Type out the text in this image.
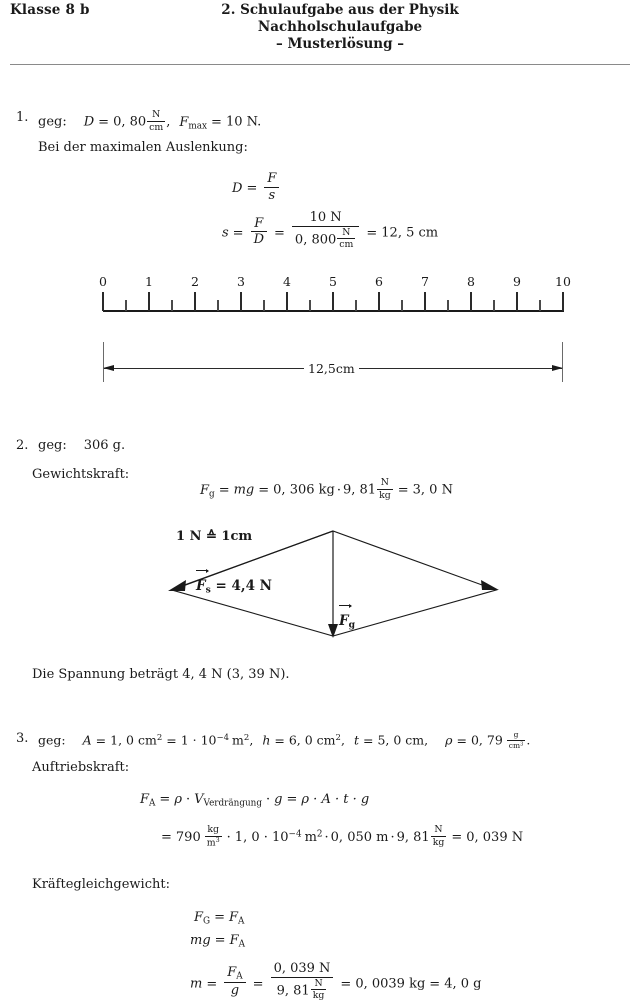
Klasse 8 b	2. Schulaufgabe aus der Physik
Nachholschulaufgabe
– Musterlösung –
1. geg: D = 0, $80 \frac{N}{cm}$ , $F_{max} = 10$ N.
Bei der maximalen Auslenkung:
$D = \frac{F}{s}$
$s = \frac{F}{D} = \frac{10 N}{0, 800 \frac{N}{cm}} = 12$, 5 cm
0	1	2	3	4	5	6	7	8	9	10
12,5cm
2. geg: 306 g.
Gewichtskraft:
$F_g$ = mg = 0, 306 kg · 9, $81 \frac{N}{kg} = 3$, 0 N
1 N ≙ 1cm
$F_s = 4,4$ N
$F_g$
Die Spannung beträgt 4, 4 N (3, 39 N).
3. geg: A = 1, 0 $cm^2 = 1 \cdot 10^{-4}$ $m^2$, h = 6, 0 $cm^2$, t = 5, 0 cm, ρ = 0, $79 \frac{g}{cm^3}$ .
Auftriebskraft:
$F_A = \rho \cdot V_{Verdrängung} \cdot g = \rho \cdot A \cdot t \cdot g$
= $790 \frac{kg}{m^3} \cdot 1$, $0 \cdot 10^{-4}$ $m^2 \cdot 0$, 050 m · 9, $81 \frac{N}{kg} = 0$, 039 N
Kräftegleichgewicht:
$F_G = F_A$
mg = $F_A$
$m = \frac{F_A}{g} = \frac{0, 039 N}{9, 81 \frac{N}{kg}} = 0$, 0039 kg = 4, 0 g
